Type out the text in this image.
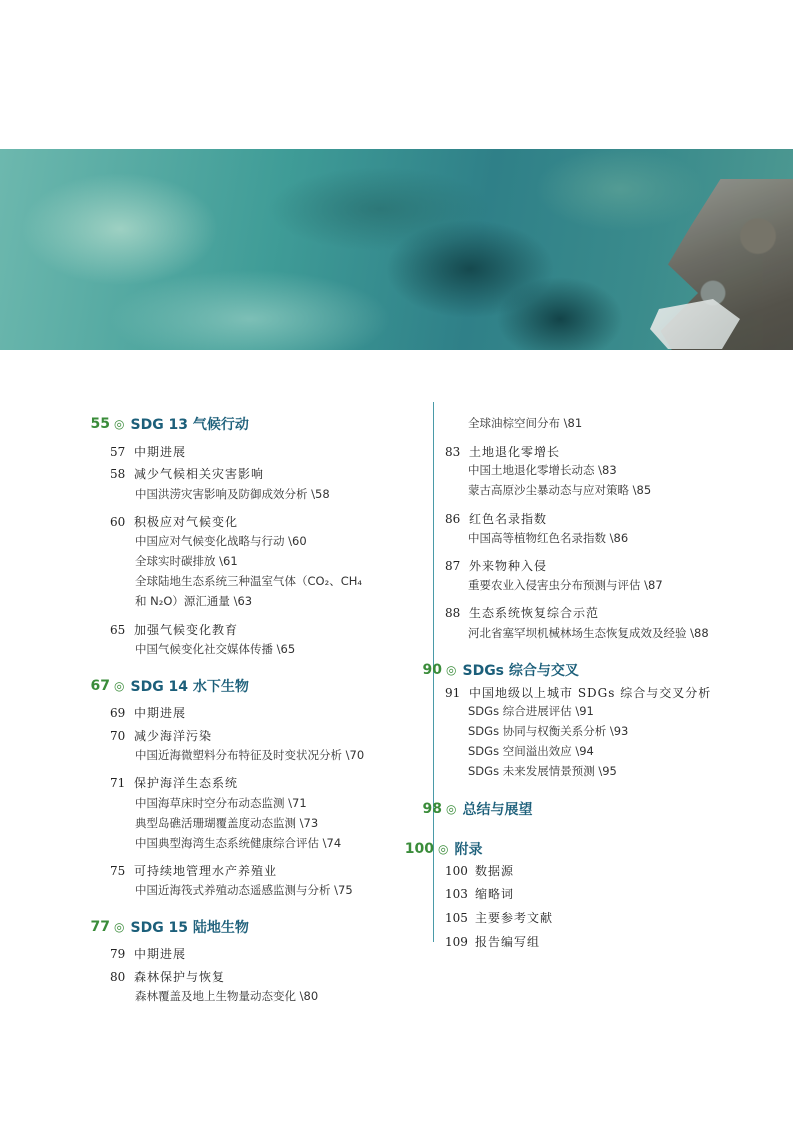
55 ◎ SDG 13 气候行动
57 中期进展
58 减少气候相关灾害影响
中国洪涝灾害影响及防御成效分析 \58
60 积极应对气候变化
中国应对气候变化战略与行动 \60
全球实时碳排放 \61
全球陆地生态系统三种温室气体（CO₂、CH₄
和 N₂O）源汇通量 \63
65 加强气候变化教育
中国气候变化社交媒体传播 \65
67 ◎ SDG 14 水下生物
69 中期进展
70 减少海洋污染
中国近海微塑料分布特征及时变状况分析 \70
71 保护海洋生态系统
中国海草床时空分布动态监测 \71
典型岛礁活珊瑚覆盖度动态监测 \73
中国典型海湾生态系统健康综合评估 \74
75 可持续地管理水产养殖业
中国近海筏式养殖动态遥感监测与分析 \75
77 ◎ SDG 15 陆地生物
79 中期进展
80 森林保护与恢复
森林覆盖及地上生物量动态变化 \80
全球油棕空间分布 \81
83 土地退化零增长
中国土地退化零增长动态 \83
蒙古高原沙尘暴动态与应对策略 \85
86 红色名录指数
中国高等植物红色名录指数 \86
87 外来物种入侵
重要农业入侵害虫分布预测与评估 \87
88 生态系统恢复综合示范
河北省塞罕坝机械林场生态恢复成效及经验 \88
90 ◎ SDGs 综合与交叉
91 中国地级以上城市 SDGs 综合与交叉分析
SDGs 综合进展评估 \91
SDGs 协同与权衡关系分析 \93
SDGs 空间溢出效应 \94
SDGs 未来发展情景预测 \95
98 ◎ 总结与展望
100 ◎ 附录
100 数据源
103 缩略词
105 主要参考文献
109 报告编写组
